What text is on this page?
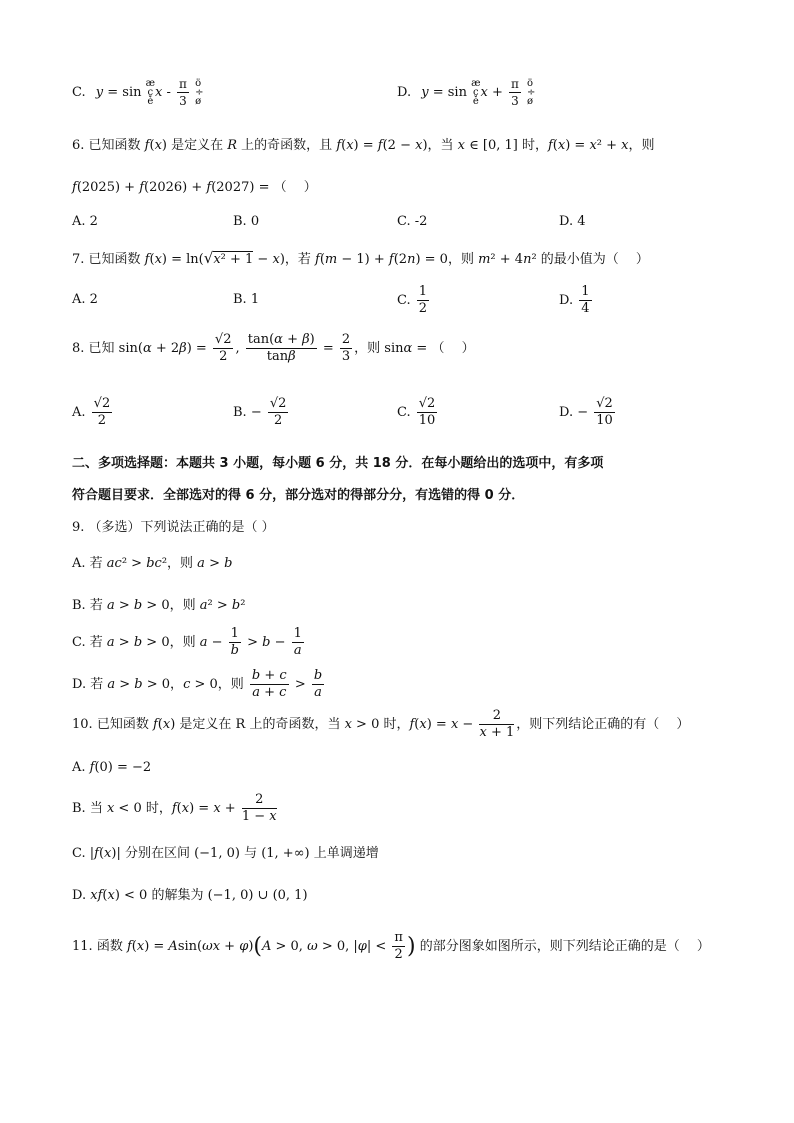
C. y = sin æ
ç
èx - $\frac{\pi}{3}$ ö
÷
ø
D. y = sin æ
ç
èx + $\frac{\pi}{3}$ ö
÷
ø
6. 已知函数 f(x) 是定义在 R 上的奇函数，且 f(x) = f(2 − x)，当 x ∈ [0, 1] 时，f(x) = x² + x，则
f(2025) + f(2026) + f(2027) = （　 ）
A. 2	B. 0	C. -2	D. 4
7. 已知函数 f(x) = ln(√x² + 1 − x)，若 f(m − 1) + f(2n) = 0，则 m² + 4n² 的最小值为（　 ）
A. 2	B. 1	C. $\frac{1}{2}$	D. $\frac{1}{4}$
8. 已知 $\sin(\alpha + 2\beta) = \frac{√2}{2}$ , $\frac{\tan(\alpha + \beta)}{\tan\beta} = \frac{2}{3}$ ，则 sinα = （　 ）
A. $\frac{√2}{2}$	B. − $\frac{√2}{2}$	C. $\frac{√2}{10}$	D. − $\frac{√2}{10}$
二、多项选择题：本题共 3 小题，每小题 6 分，共 18 分．在每小题给出的选项中，有多项
符合题目要求．全部选对的得 6 分，部分选对的得部分分，有选错的得 0 分．
9. （多选）下列说法正确的是（ ）
A. 若 ac² > bc²，则 a > b
B. 若 a > b > 0，则 a² > b²
C. 若 a > b > 0，则 $a - \frac{1}{b} > b - \frac{1}{a}$
D. 若 a > b > 0，c > 0，则 $\frac{b + c}{a + c} > \frac{b}{a}$
10. 已知函数 f(x) 是定义在 R 上的奇函数，当 x > 0 时，$f(x) = x - \frac{2}{x + 1}$ ，则下列结论正确的有（　 ）
A. f(0) = −2
B. 当 x < 0 时，$f(x) = x + \frac{2}{1 - x}$
C. |f(x)| 分别在区间 (−1, 0) 与 (1, +∞) 上单调递增
D. xf(x) < 0 的解集为 (−1, 0) ∪ (0, 1)
11. 函数 f(x) = Asin(ωx + φ)(A > 0, ω > 0, $|\varphi| < \frac{\pi}{2}$ ) 的部分图象如图所示，则下列结论正确的是（　 ）
